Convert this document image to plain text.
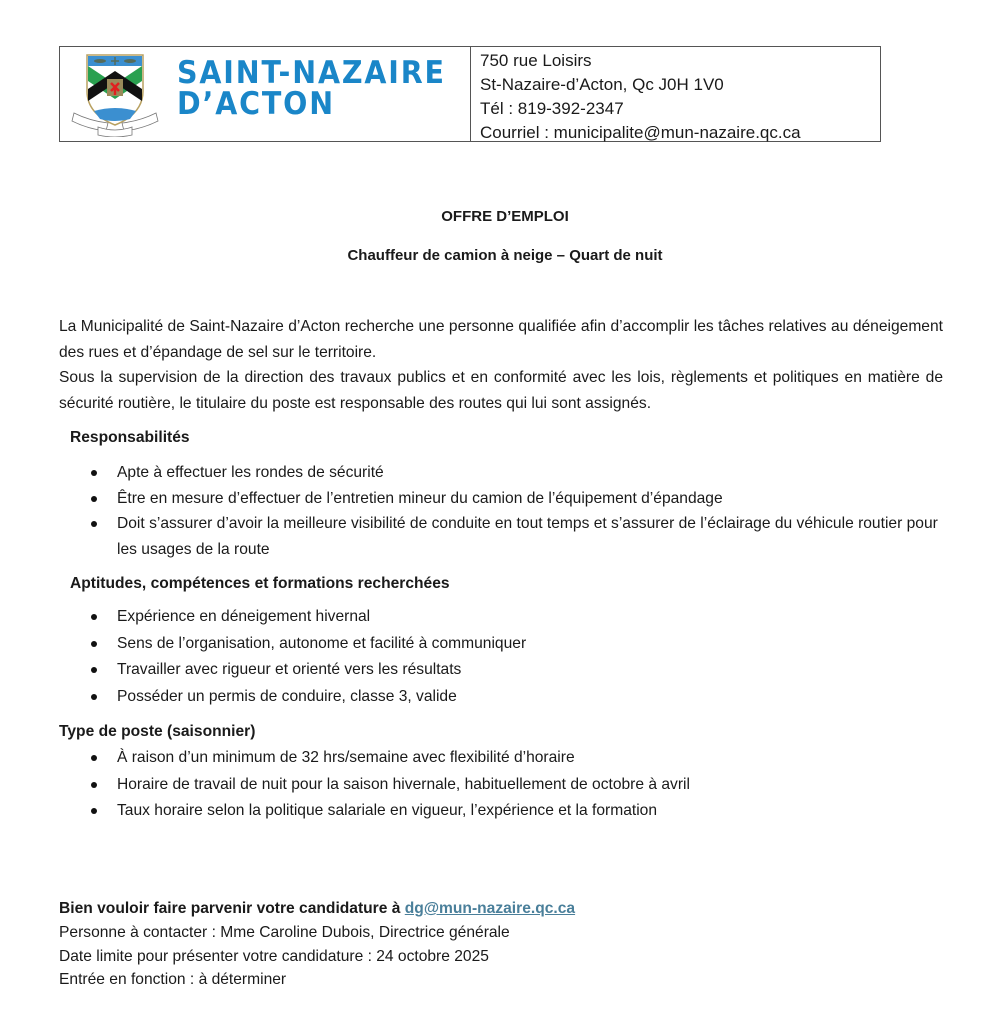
SAINT-NAZAIRE
D’ACTON
750 rue Loisirs
St-Nazaire-d’Acton, Qc J0H 1V0
Tél : 819-392-2347
Courriel : municipalite@mun-nazaire.qc.ca
OFFRE D’EMPLOI
Chauffeur de camion à neige – Quart de nuit
La Municipalité de Saint-Nazaire d’Acton recherche une personne qualifiée afin d’accomplir les tâches relatives au déneigement des rues et d’épandage de sel sur le territoire.
Sous la supervision de la direction des travaux publics et en conformité avec les lois, règlements et politiques en matière de sécurité routière, le titulaire du poste est responsable des routes qui lui sont assignés.
Responsabilités
Apte à effectuer les rondes de sécurité
Être en mesure d’effectuer de l’entretien mineur du camion de l’équipement d’épandage
Doit s’assurer d’avoir la meilleure visibilité de conduite en tout temps et s’assurer de l’éclairage du véhicule routier pour les usages de la route
Aptitudes, compétences et formations recherchées
Expérience en déneigement hivernal
Sens de l’organisation, autonome et facilité à communiquer
Travailler avec rigueur et orienté vers les résultats
Posséder un permis de conduire, classe 3, valide
Type de poste (saisonnier)
À raison d’un minimum de 32 hrs/semaine avec flexibilité d’horaire
Horaire de travail de nuit pour la saison hivernale, habituellement de octobre à avril
Taux horaire selon la politique salariale en vigueur, l’expérience et la formation
Bien vouloir faire parvenir votre candidature à dg@mun-nazaire.qc.ca
Personne à contacter : Mme Caroline Dubois, Directrice générale
Date limite pour présenter votre candidature : 24 octobre 2025
Entrée en fonction : à déterminer
